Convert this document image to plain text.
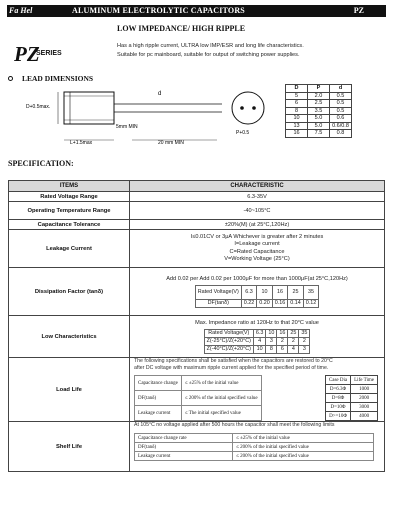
Fa Hel	ALUMINUM ELECTROLYTIC CAPACITORS	PZ
LOW IMPEDANCE/ HIGH RIPPLE
PZ
SERIES
Has a high ripple current, ULTRA low IMP/ESR and long life characteristics.
Suitable for pc mainboard, suitable for output of switching power supplies.
LEAD DIMENSIONS
D+0.5max.
5mm MIN
L+1.5max	20 mm MIN
d
P+0.5
D	P	d
5	2.0	0.5
6	2.5	0.5
8	3.5	0.5
10	5.0	0.6
13	5.0	0.6/0.8
16	7.5	0.8
SPECIFICATION:
ITEMS	CHARACTERISTIC
Rated Voltage Range	6.3-35V
Operating Temperature Range	-40~105°C
Capacitance Tolerance	±20%(M) (at 25°C,120Hz)
Leakage Current	
I≤0.01CV or 3μA Whichever is greater after 2 minutes
I=Leakage current
C=Rated Capacitance
V=Working Voltage (25°C)

Dissipation Factor (tanδ)	
Add 0.02 per Add 0.02 per 1000μF for more than 1000μF(at 25°C,120Hz)
Rated Voltage(V)	6.3	10	16	25	35
DF(tanδ)	0.22	0.20	0.16	0.14	0.12

Low Characteristics	
Max. Impedance ratio at 120Hz to that 20°C value
Rated Voltage(V)	6.3	10	16	25	35
Z(-25°C)/Z(+20°C)	4	3	2	2	2
Z(-40°C)/Z(+20°C)	10	8	6	4	3

Load Life	
The following specifications shall be satisfied when the capacitors are restored to 20°C
after DC voltage with maximum ripple current applied for the specified period of time.
Capacitance change	≤ ±25% of the initial value
DF(tanδ)	≤ 200% of the initial specified value
Leakage current	≤ The initial specified value
Case Dia	Life Time
D=6.3Φ	1000
D=8Φ	2000
D=10Φ	3000
D>=10Φ	4000

Shelf Life	
At 105°C no voltage applied after 500 hours the capacitor shall meet the following limits
Capacitance change rate	≤ ±25% of the initial value
DF(tanδ)	≤ 200% of the initial specified value
Leakage current	≤ 200% of the initial specified value
